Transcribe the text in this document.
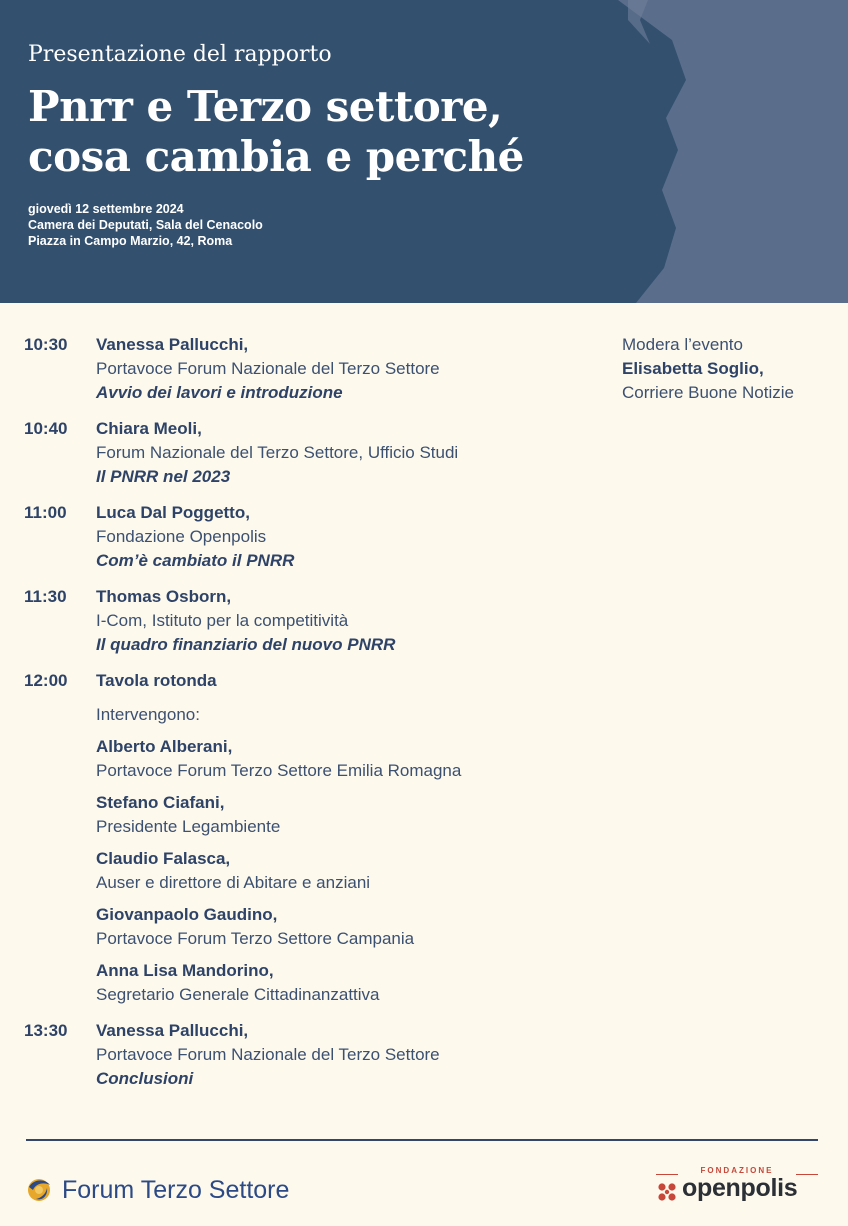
Presentazione del rapporto
Pnrr e Terzo settore,
cosa cambia e perché
giovedì 12 settembre 2024
Camera dei Deputati, Sala del Cenacolo
Piazza in Campo Marzio, 42, Roma
10:30 Vanessa Pallucchi,
Portavoce Forum Nazionale del Terzo Settore
Avvio dei lavori e introduzione
10:40 Chiara Meoli,
Forum Nazionale del Terzo Settore, Ufficio Studi
Il PNRR nel 2023
11:00 Luca Dal Poggetto,
Fondazione Openpolis
Com’è cambiato il PNRR
11:30 Thomas Osborn,
I-Com, Istituto per la competitività
Il quadro finanziario del nuovo PNRR
12:00 Tavola rotonda
Intervengono:
Alberto Alberani,
Portavoce Forum Terzo Settore Emilia Romagna
Stefano Ciafani,
Presidente Legambiente
Claudio Falasca,
Auser e direttore di Abitare e anziani
Giovanpaolo Gaudino,
Portavoce Forum Terzo Settore Campania
Anna Lisa Mandorino,
Segretario Generale Cittadinanzattiva
13:30 Vanessa Pallucchi,
Portavoce Forum Nazionale del Terzo Settore
Conclusioni
Modera l’evento
Elisabetta Soglio,
Corriere Buone Notizie
Forum Terzo Settore
FONDAZIONE
openpolis
